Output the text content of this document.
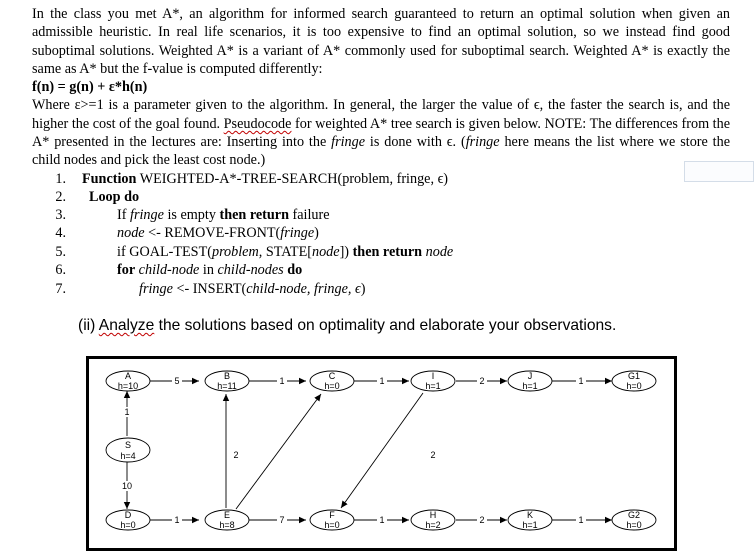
In the class you met A*, an algorithm for informed search guaranteed to return an optimal solution when given an admissible heuristic. In real life scenarios, it is too expensive to find an optimal solution, so we instead find good suboptimal solutions. Weighted A* is a variant of A* commonly used for suboptimal search. Weighted A* is exactly the same as A* but the f-value is computed differently:

f(n) = g(n) + ε*h(n)

Where ε>=1 is a parameter given to the algorithm. In general, the larger the value of ϵ, the faster the search is, and the higher the cost of the goal found. Pseudocode for weighted A* tree search is given below. NOTE: The differences from the A* presented in the lectures are: Inserting into the fringe is done with ϵ. (fringe here means the list where we store the child nodes and pick the least cost node.)

1.
2.
3.
4.
5.
6.
7.
Function WEIGHTED-A*-TREE-SEARCH(problem, fringe, ϵ)
Loop do
If fringe is empty then return failure
node <- REMOVE-FRONT(fringe)
if GOAL-TEST(problem, STATE[node]) then return node
for child-node in child-nodes do
fringe <- INSERT(child-node, fringe, ϵ)
(ii) Analyze the solutions based on optimality and elaborate your observations.
5	1	1	2	1
1
10
1	7	1	2	1
2	2
A
h=10
B
h=11
C
h=0
I
h=1
J
h=1
G1
h=0
S
h=4
D
h=0
E
h=8
F
h=0
H
h=2
K
h=1
G2
h=0
